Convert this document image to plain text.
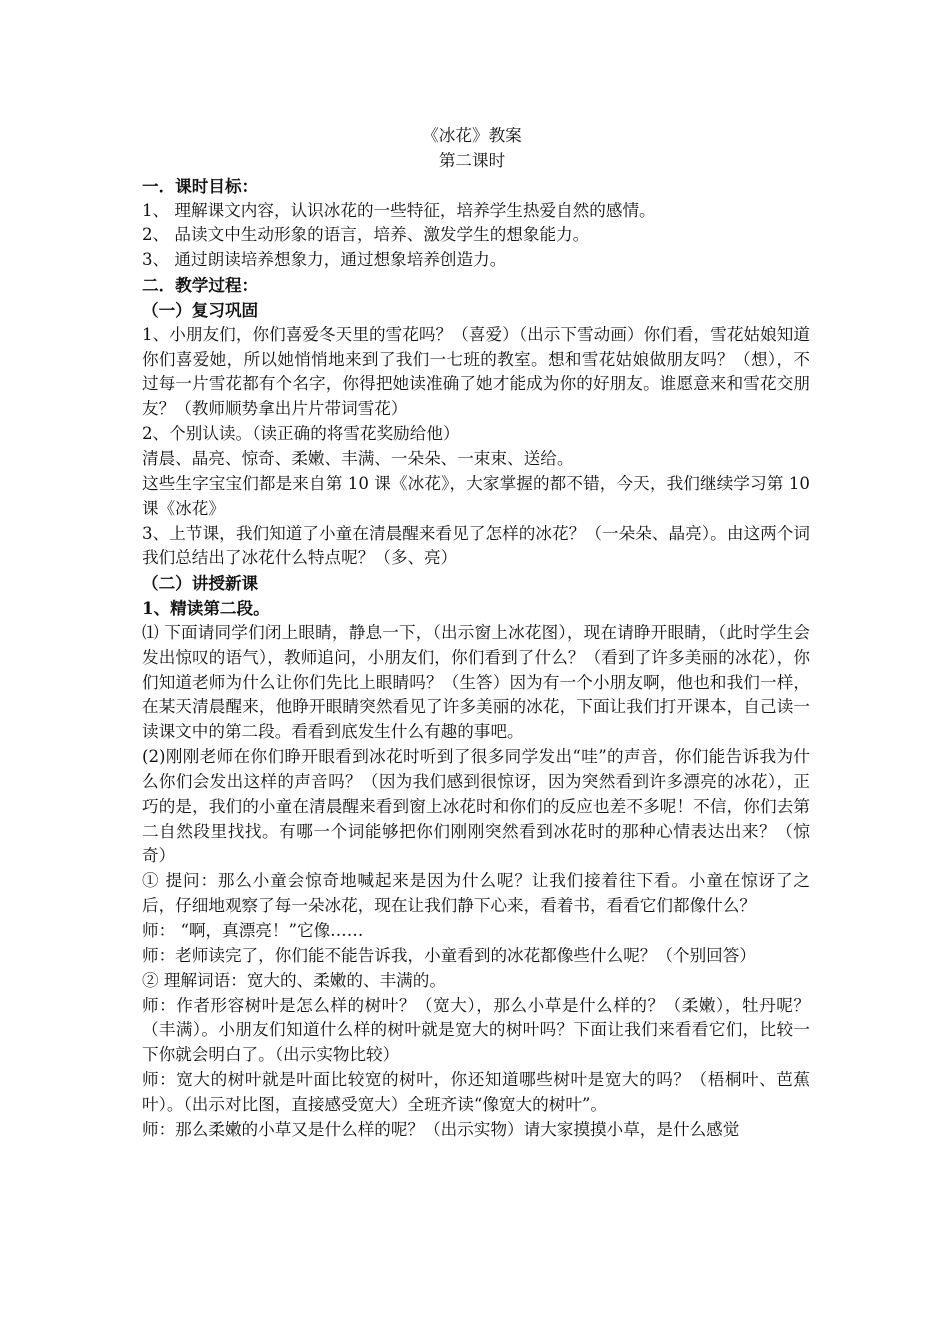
《冰花》教案

第二课时

一．课时目标：

1、 理解课文内容，认识冰花的一些特征，培养学生热爱自然的感情。

2、 品读文中生动形象的语言，培养、激发学生的想象能力。

3、 通过朗读培养想象力，通过想象培养创造力。

二．教学过程：

（一）复习巩固

1、小朋友们，你们喜爱冬天里的雪花吗？（喜爱）（出示下雪动画）你们看，雪花姑娘知道你们喜爱她，所以她悄悄地来到了我们一七班的教室。想和雪花姑娘做朋友吗？（想），不过每一片雪花都有个名字，你得把她读准确了她才能成为你的好朋友。谁愿意来和雪花交朋友？（教师顺势拿出片片带词雪花）

2、个别认读。（读正确的将雪花奖励给他）

清晨、晶亮、惊奇、柔嫩、丰满、一朵朵、一束束、送给。

这些生字宝宝们都是来自第 10 课《冰花》，大家掌握的都不错，今天，我们继续学习第 10 课《冰花》

3、上节课，我们知道了小童在清晨醒来看见了怎样的冰花？（一朵朵、晶亮）。由这两个词我们总结出了冰花什么特点呢？（多、亮）

（二）讲授新课

1、精读第二段。

⑴ 下面请同学们闭上眼睛，静息一下，（出示窗上冰花图），现在请睁开眼睛，（此时学生会发出惊叹的语气），教师追问，小朋友们，你们看到了什么？（看到了许多美丽的冰花），你们知道老师为什么让你们先比上眼睛吗？（生答）因为有一个小朋友啊，他也和我们一样，在某天清晨醒来，他睁开眼睛突然看见了许多美丽的冰花，下面让我们打开课本，自己读一读课文中的第二段。看看到底发生什么有趣的事吧。

(2)刚刚老师在你们睁开眼看到冰花时听到了很多同学发出“哇”的声音，你们能告诉我为什么你们会发出这样的声音吗？（因为我们感到很惊讶，因为突然看到许多漂亮的冰花），正巧的是，我们的小童在清晨醒来看到窗上冰花时和你们的反应也差不多呢！不信，你们去第二自然段里找找。有哪一个词能够把你们刚刚突然看到冰花时的那种心情表达出来？（惊奇）

① 提问：那么小童会惊奇地喊起来是因为什么呢？让我们接着往下看。小童在惊讶了之后，仔细地观察了每一朵冰花，现在让我们静下心来，看着书，看看它们都像什么？

师： “啊，真漂亮！”它像……

师：老师读完了，你们能不能告诉我，小童看到的冰花都像些什么呢？（个别回答）

② 理解词语：宽大的、柔嫩的、丰满的。

师：作者形容树叶是怎么样的树叶？（宽大），那么小草是什么样的？（柔嫩），牡丹呢？（丰满）。小朋友们知道什么样的树叶就是宽大的树叶吗？下面让我们来看看它们，比较一下你就会明白了。（出示实物比较）

师：宽大的树叶就是叶面比较宽的树叶，你还知道哪些树叶是宽大的吗？（梧桐叶、芭蕉叶）。（出示对比图，直接感受宽大）全班齐读“像宽大的树叶”。

师：那么柔嫩的小草又是什么样的呢？（出示实物）请大家摸摸小草，是什么感觉
